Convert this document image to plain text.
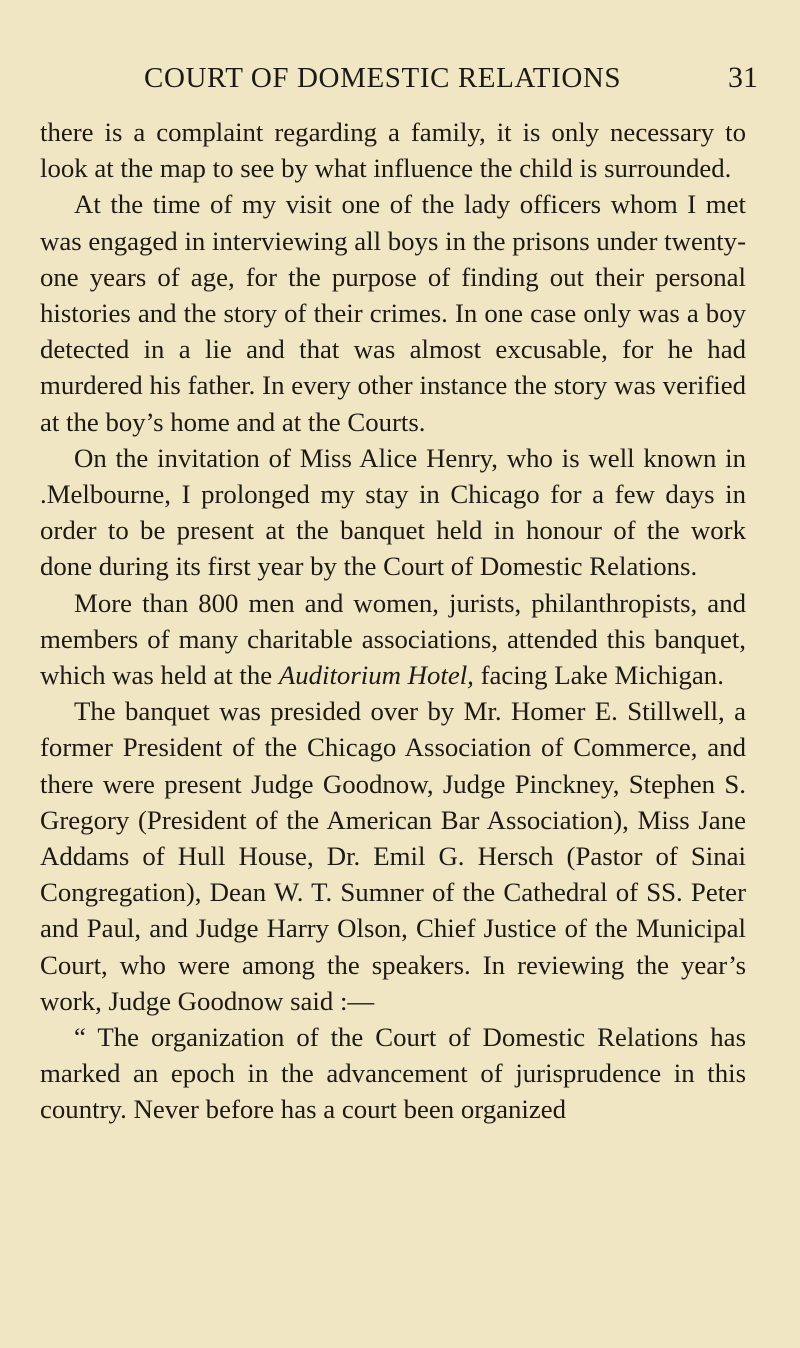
COURT OF DOMESTIC RELATIONS	31

there is a complaint regarding a family, it is only necessary to look at the map to see by what influence the child is surrounded.

At the time of my visit one of the lady officers whom I met was engaged in interviewing all boys in the prisons under twenty-one years of age, for the purpose of finding out their personal histories and the story of their crimes. In one case only was a boy detected in a lie and that was almost excusable, for he had murdered his father. In every other instance the story was verified at the boy’s home and at the Courts.

On the invitation of Miss Alice Henry, who is well known in .Melbourne, I prolonged my stay in Chicago for a few days in order to be present at the banquet held in honour of the work done during its first year by the Court of Domestic Relations.

More than 800 men and women, jurists, philanthropists, and members of many charitable associations, attended this banquet, which was held at the Auditorium Hotel, facing Lake Michigan.

The banquet was presided over by Mr. Homer E. Stillwell, a former President of the Chicago Association of Commerce, and there were present Judge Goodnow, Judge Pinckney, Stephen S. Gregory (President of the American Bar Association), Miss Jane Addams of Hull House, Dr. Emil G. Hersch (Pastor of Sinai Congregation), Dean W. T. Sumner of the Cathedral of SS. Peter and Paul, and Judge Harry Olson, Chief Justice of the Municipal Court, who were among the speakers. In reviewing the year’s work, Judge Goodnow said :—

“ The organization of the Court of Domestic Relations has marked an epoch in the advancement of jurisprudence in this country. Never before has a court been organized
